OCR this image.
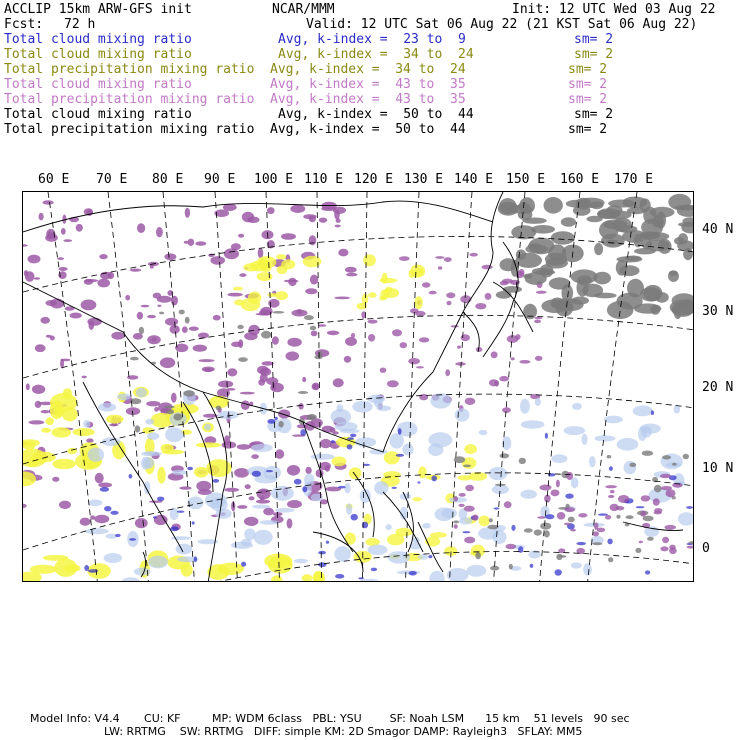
ACCLIP 15km ARW-GFS init	NCAR/MMM	Init: 12 UTC Wed 03 Aug 22
Fcst: 72 h	Valid: 12 UTC Sat 06 Aug 22 (21 KST Sat 06 Aug 22)
Total cloud mixing ratio	Avg, k-index =  23 to  9	sm= 2
Total cloud mixing ratio	Avg, k-index =  34 to  24	sm= 2
Total precipitation mixing ratio Avg, k-index =  34 to  24	sm= 2
Total cloud mixing ratio	Avg, k-index =  43 to  35	sm= 2
Total precipitation mixing ratio Avg, k-index =  43 to  35	sm= 2
Total cloud mixing ratio	Avg, k-index =  50 to  44	sm= 2
Total precipitation mixing ratio Avg, k-index =  50 to  44	sm= 2
60 E 70 E 80 E 90 E 100 E 110 E 120 E 130 E 140 E 150 E 160 E 170 E
40 N
30 N
20 N
10 N
0
Model Info: V4.4       CU: KF         MP: WDM 6class   PBL: YSU        SF: Noah LSM      15 km    51 levels   90 sec
LW: RRTMG    SW: RRTMG   DIFF: simple KM: 2D Smagor DAMP: Rayleigh3   SFLAY: MM5
